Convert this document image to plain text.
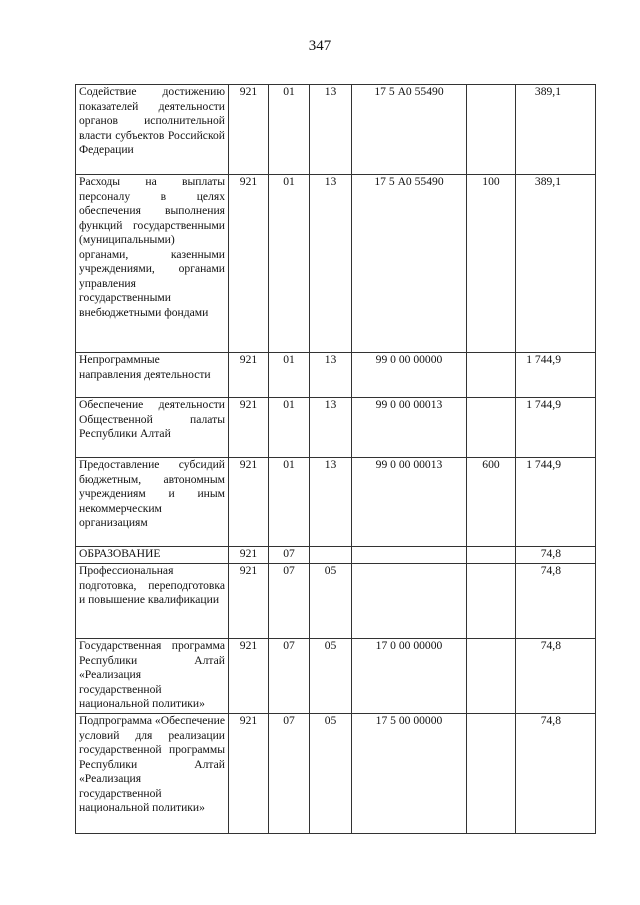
347
Содействие достижению показателей деятельности органов исполнительной власти субъектов Российской Федерации	921	01	13	17 5 А0 55490		389,1
Расходы на выплаты персоналу в целях обеспечения выполнения функций государственными (муниципальными) органами, казенными учреждениями, органами управления государственными внебюджетными фондами	921	01	13	17 5 А0 55490	100	389,1
Непрограммные направления деятельности	921	01	13	99 0 00 00000		1 744,9
Обеспечение деятельности Общественной палаты Республики Алтай	921	01	13	99 0 00 00013		1 744,9
Предоставление субсидий бюджетным, автономным учреждениям и иным некоммерческим организациям	921	01	13	99 0 00 00013	600	1 744,9
ОБРАЗОВАНИЕ	921	07				74,8
Профессиональная подготовка, переподготовка и повышение квалификации	921	07	05			74,8
Государственная программа Республики Алтай «Реализация государственной национальной политики»	921	07	05	17 0 00 00000		74,8
Подпрограмма «Обеспечение условий для реализации государственной программы Республики Алтай «Реализация государственной национальной политики»	921	07	05	17 5 00 00000		74,8
